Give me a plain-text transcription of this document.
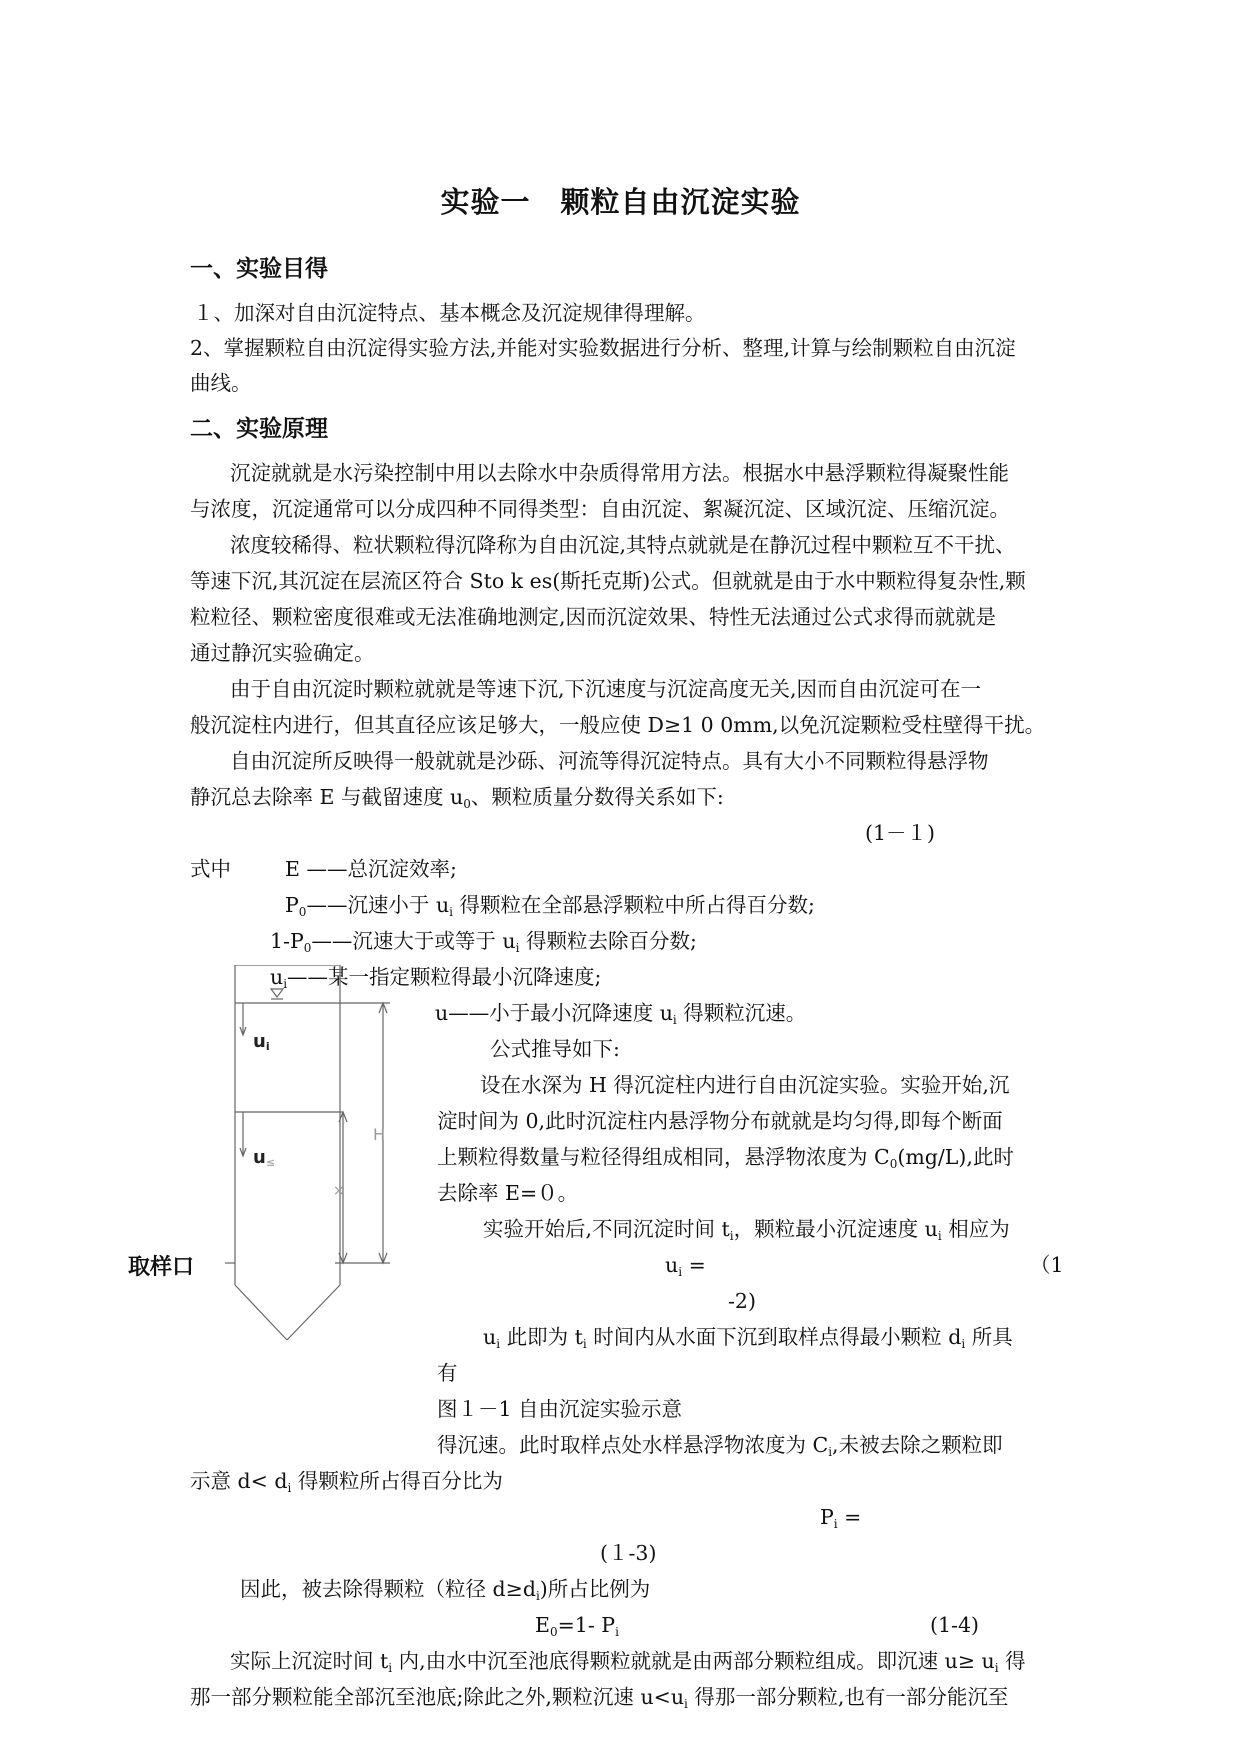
实验一　颗粒自由沉淀实验
一、实验目得
１、加深对自由沉淀特点、基本概念及沉淀规律得理解。
2、掌握颗粒自由沉淀得实验方法,并能对实验数据进行分析、整理,计算与绘制颗粒自由沉淀
曲线。
二、实验原理
沉淀就就是水污染控制中用以去除水中杂质得常用方法。根据水中悬浮颗粒得凝聚性能
与浓度，沉淀通常可以分成四种不同得类型：自由沉淀、絮凝沉淀、区域沉淀、压缩沉淀。
浓度较稀得、粒状颗粒得沉降称为自由沉淀,其特点就就是在静沉过程中颗粒互不干扰、
等速下沉,其沉淀在层流区符合 Sto k es(斯托克斯)公式。但就就是由于水中颗粒得复杂性,颗
粒粒径、颗粒密度很难或无法准确地测定,因而沉淀效果、特性无法通过公式求得而就就是
通过静沉实验确定。
由于自由沉淀时颗粒就就是等速下沉,下沉速度与沉淀高度无关,因而自由沉淀可在一
般沉淀柱内进行，但其直径应该足够大，一般应使 D≥1 0 0mm,以免沉淀颗粒受柱壁得干扰。
自由沉淀所反映得一般就就是沙砾、河流等得沉淀特点。具有大小不同颗粒得悬浮物
静沉总去除率 E 与截留速度 $u_0$、颗粒质量分数得关系如下:
(1－１)
式中	E ——总沉淀效率;
$P_0——$沉速小于 $u_i$ 得颗粒在全部悬浮颗粒中所占得百分数;
$1-P_0——$沉速大于或等于 $u_i$ 得颗粒去除百分数;
$u_i——$某一指定颗粒得最小沉降速度;
u——小于最小沉降速度 $u_i$ 得颗粒沉速。
公式推导如下:
设在水深为 H 得沉淀柱内进行自由沉淀实验。实验开始,沉
淀时间为 0,此时沉淀柱内悬浮物分布就就是均匀得,即每个断面
上颗粒得数量与粒径得组成相同，悬浮物浓度为 $C_0(mg/L)$,此时
去除率 E=０。
实验开始后,不同沉淀时间 $t_i$，颗粒最小沉淀速度 $u_i$ 相应为
$u_i$ =	（1
-2)
$u_i$ 此即为 $t_i$ 时间内从水面下沉到取样点得最小颗粒 $d_i$ 所具
有
图１－1 自由沉淀实验示意
得沉速。此时取样点处水样悬浮物浓度为 $C_i$,未被去除之颗粒即
示意 $d< d_i$ 得颗粒所占得百分比为
$P_i$ =
(１-3)
因此，被去除得颗粒（粒径 $d\ge d_i$)所占比例为
$E_0=1-$ $P_i$	(1-4)
实际上沉淀时间 $t_i$ 内,由水中沉至池底得颗粒就就是由两部分颗粒组成。即沉速 $u\ge u_i$ 得
那一部分颗粒能全部沉至池底;除此之外,颗粒沉速 $u<u_i$ 得那一部分颗粒,也有一部分能沉至
ui
u≤
H
×
取样口
